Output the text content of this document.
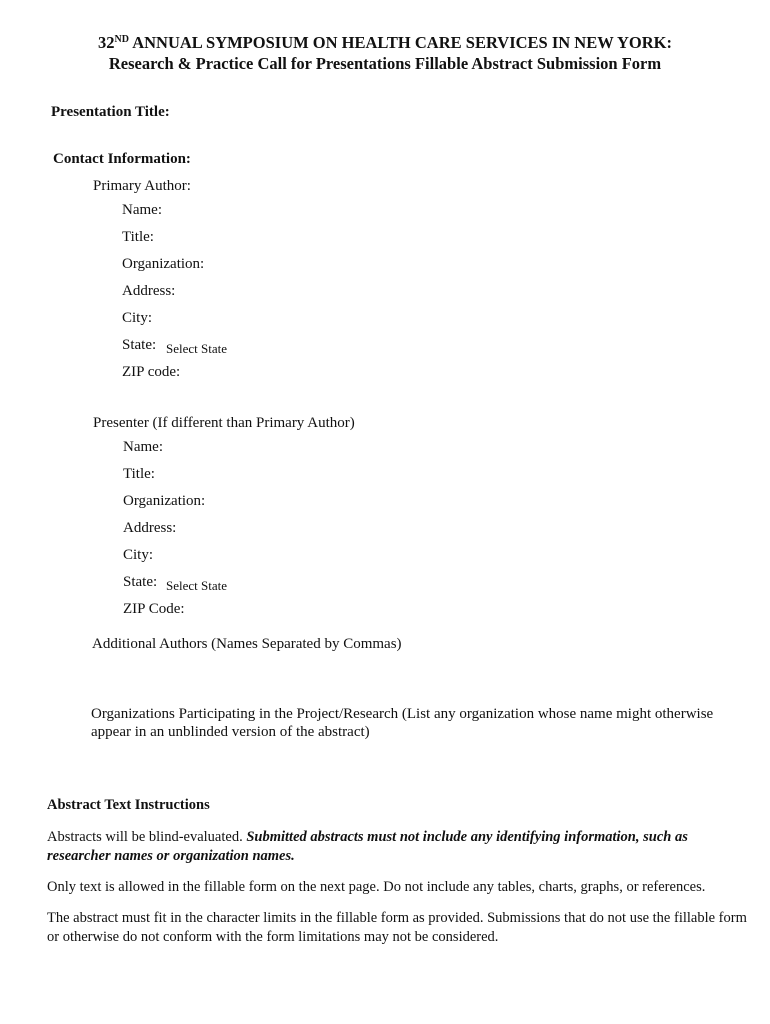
32ND ANNUAL SYMPOSIUM ON HEALTH CARE SERVICES IN NEW YORK:
Research & Practice Call for Presentations Fillable Abstract Submission Form
Presentation Title:
Contact Information:
Primary Author:
Name:
Title:
Organization:
Address:
City:
State: Select State
ZIP code:
Presenter (If different than Primary Author)
Name:
Title:
Organization:
Address:
City:
State: Select State
ZIP Code:
Additional Authors (Names Separated by Commas)
Organizations Participating in the Project/Research (List any organization whose name might otherwise
appear in an unblinded version of the abstract)
Abstract Text Instructions
Abstracts will be blind-evaluated. Submitted abstracts must not include any identifying information, such as researcher names or organization names.
Only text is allowed in the fillable form on the next page. Do not include any tables, charts, graphs, or references.
The abstract must fit in the character limits in the fillable form as provided. Submissions that do not use the fillable form or otherwise do not conform with the form limitations may not be considered.
